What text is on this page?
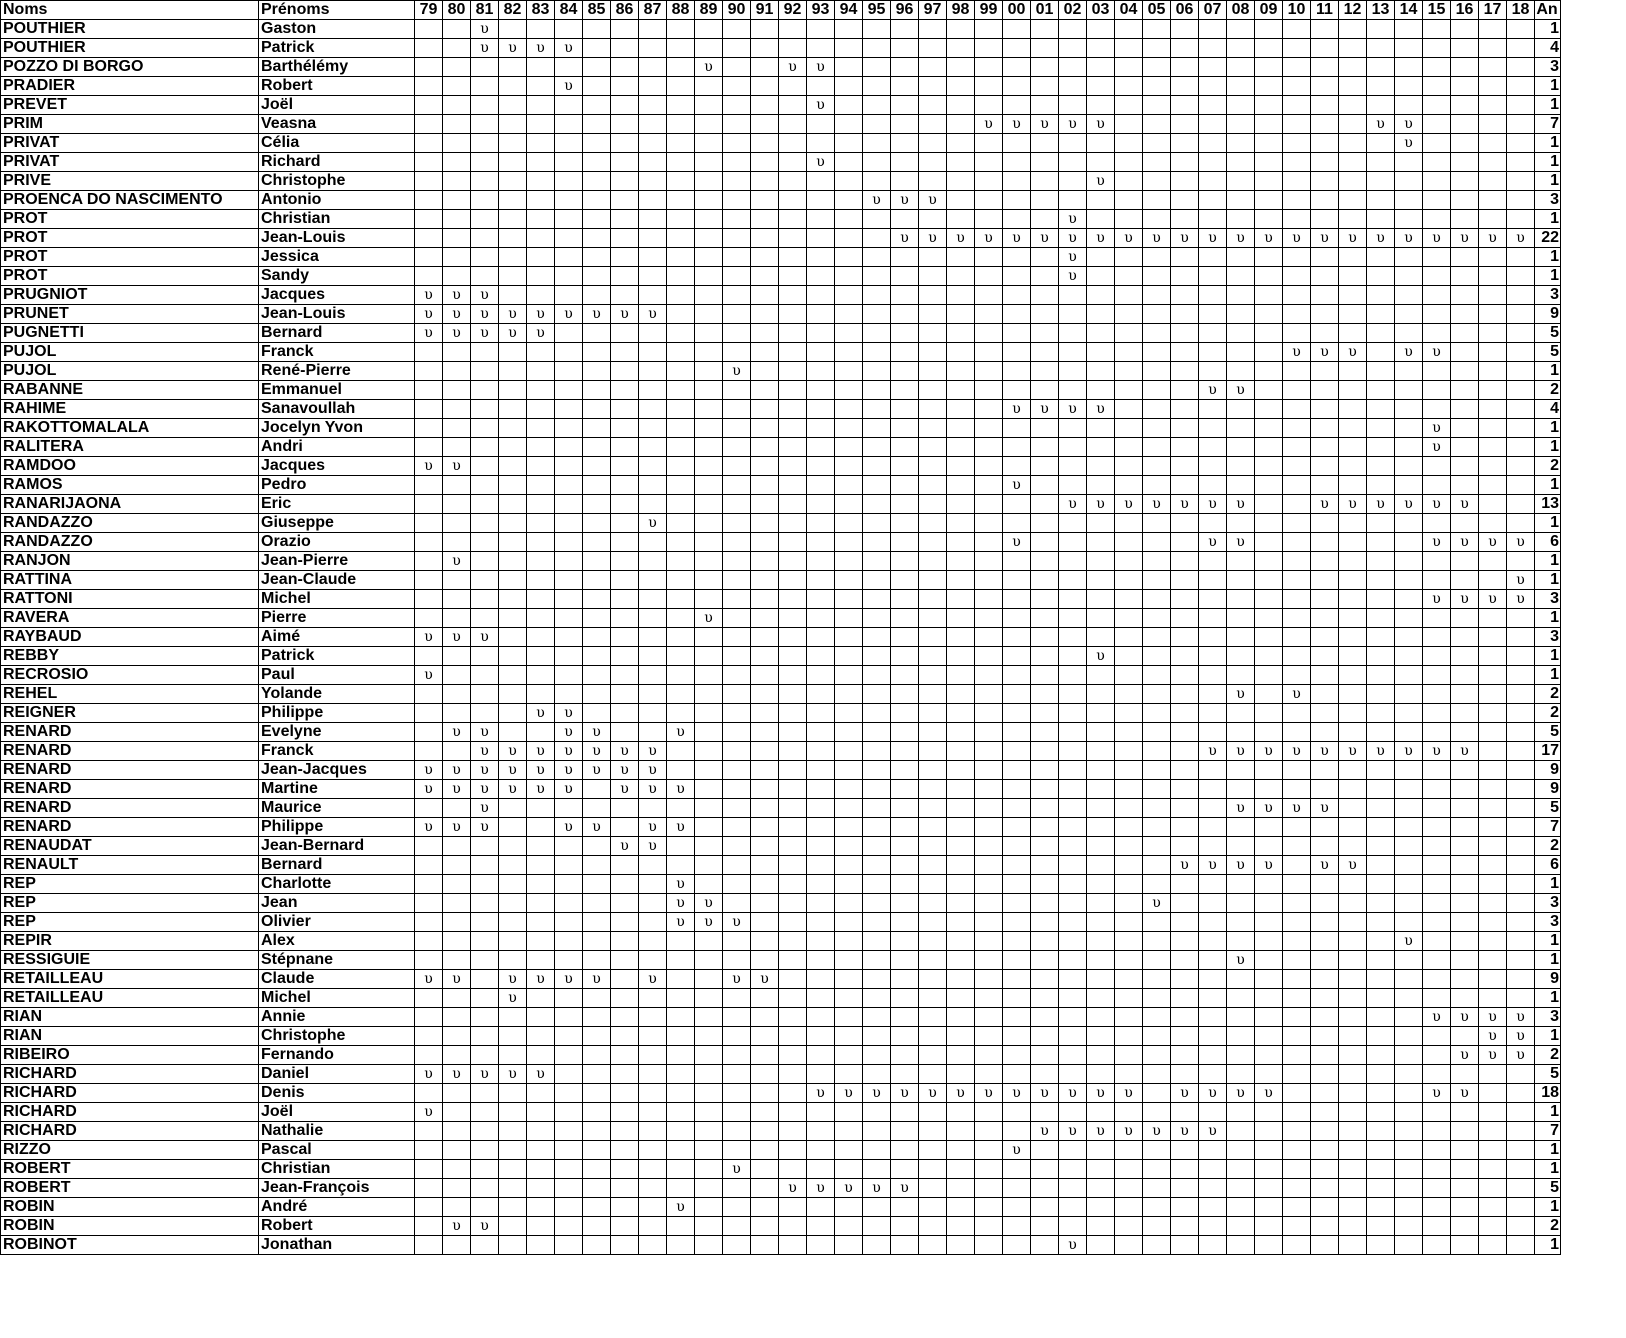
Noms	Prénoms	79	80	81	82	83	84	85	86	87	88	89	90	91	92	93	94	95	96	97	98	99	00	01	02	03	04	05	06	07	08	09	10	11	12	13	14	15	16	17	18	An
POUTHIER	Gaston			υ																																						1
POUTHIER	Patrick			υ	υ	υ	υ																																			4
POZZO DI BORGO	Barthélémy											υ			υ	υ																										3
PRADIER	Robert						υ																																			1
PREVET	Joël															υ																										1
PRIM	Veasna																					υ	υ	υ	υ	υ										υ	υ					7
PRIVAT	Célia																																				υ					1
PRIVAT	Richard															υ																										1
PRIVE	Christophe																									υ																1
PROENCA DO NASCIMENTO	Antonio																	υ	υ	υ																						3
PROT	Christian																								υ																	1
PROT	Jean-Louis																		υ	υ	υ	υ	υ	υ	υ	υ	υ	υ	υ	υ	υ	υ	υ	υ	υ	υ	υ	υ	υ	υ	υ	22
PROT	Jessica																								υ																	1
PROT	Sandy																								υ																	1
PRUGNIOT	Jacques	υ	υ	υ																																						3
PRUNET	Jean-Louis	υ	υ	υ	υ	υ	υ	υ	υ	υ																																9
PUGNETTI	Bernard	υ	υ	υ	υ	υ																																				5
PUJOL	Franck																																υ	υ	υ		υ	υ				5
PUJOL	René-Pierre												υ																													1
RABANNE	Emmanuel																													υ	υ											2
RAHIME	Sanavoullah																						υ	υ	υ	υ																4
RAKOTTOMALALA	Jocelyn Yvon																																					υ				1
RALITERA	Andri																																					υ				1
RAMDOO	Jacques	υ	υ																																							2
RAMOS	Pedro																						υ																			1
RANARIJAONA	Eric																								υ	υ	υ	υ	υ	υ	υ			υ	υ	υ	υ	υ	υ			13
RANDAZZO	Giuseppe									υ																																1
RANDAZZO	Orazio																						υ							υ	υ							υ	υ	υ	υ	6
RANJON	Jean-Pierre		υ																																							1
RATTINA	Jean-Claude																																								υ	1
RATTONI	Michel																																					υ	υ	υ	υ	3
RAVERA	Pierre											υ																														1
RAYBAUD	Aimé	υ	υ	υ																																						3
REBBY	Patrick																									υ																1
RECROSIO	Paul	υ																																								1
REHEL	Yolande																														υ		υ									2
REIGNER	Philippe					υ	υ																																			2
RENARD	Evelyne		υ	υ			υ	υ			υ																															5
RENARD	Franck			υ	υ	υ	υ	υ	υ	υ																				υ	υ	υ	υ	υ	υ	υ	υ	υ	υ			17
RENARD	Jean-Jacques	υ	υ	υ	υ	υ	υ	υ	υ	υ																																9
RENARD	Martine	υ	υ	υ	υ	υ	υ		υ	υ	υ																															9
RENARD	Maurice			υ																											υ	υ	υ	υ								5
RENARD	Philippe	υ	υ	υ			υ	υ		υ	υ																															7
RENAUDAT	Jean-Bernard								υ	υ																																2
RENAULT	Bernard																												υ	υ	υ	υ		υ	υ							6
REP	Charlotte										υ																															1
REP	Jean										υ	υ																υ														3
REP	Olivier										υ	υ	υ																													3
REPIR	Alex																																				υ					1
RESSIGUIE	Stépnane																														υ											1
RETAILLEAU	Claude	υ	υ		υ	υ	υ	υ		υ			υ	υ																												9
RETAILLEAU	Michel				υ																																					1
RIAN	Annie																																					υ	υ	υ	υ	3
RIAN	Christophe																																							υ	υ	1
RIBEIRO	Fernando																																						υ	υ	υ	2
RICHARD	Daniel	υ	υ	υ	υ	υ																																				5
RICHARD	Denis															υ	υ	υ	υ	υ	υ	υ	υ	υ	υ	υ	υ		υ	υ	υ	υ						υ	υ			18
RICHARD	Joël	υ																																								1
RICHARD	Nathalie																							υ	υ	υ	υ	υ	υ	υ												7
RIZZO	Pascal																						υ																			1
ROBERT	Christian												υ																													1
ROBERT	Jean-François														υ	υ	υ	υ	υ																							5
ROBIN	André										υ																															1
ROBIN	Robert		υ	υ																																						2
ROBINOT	Jonathan																								υ																	1
